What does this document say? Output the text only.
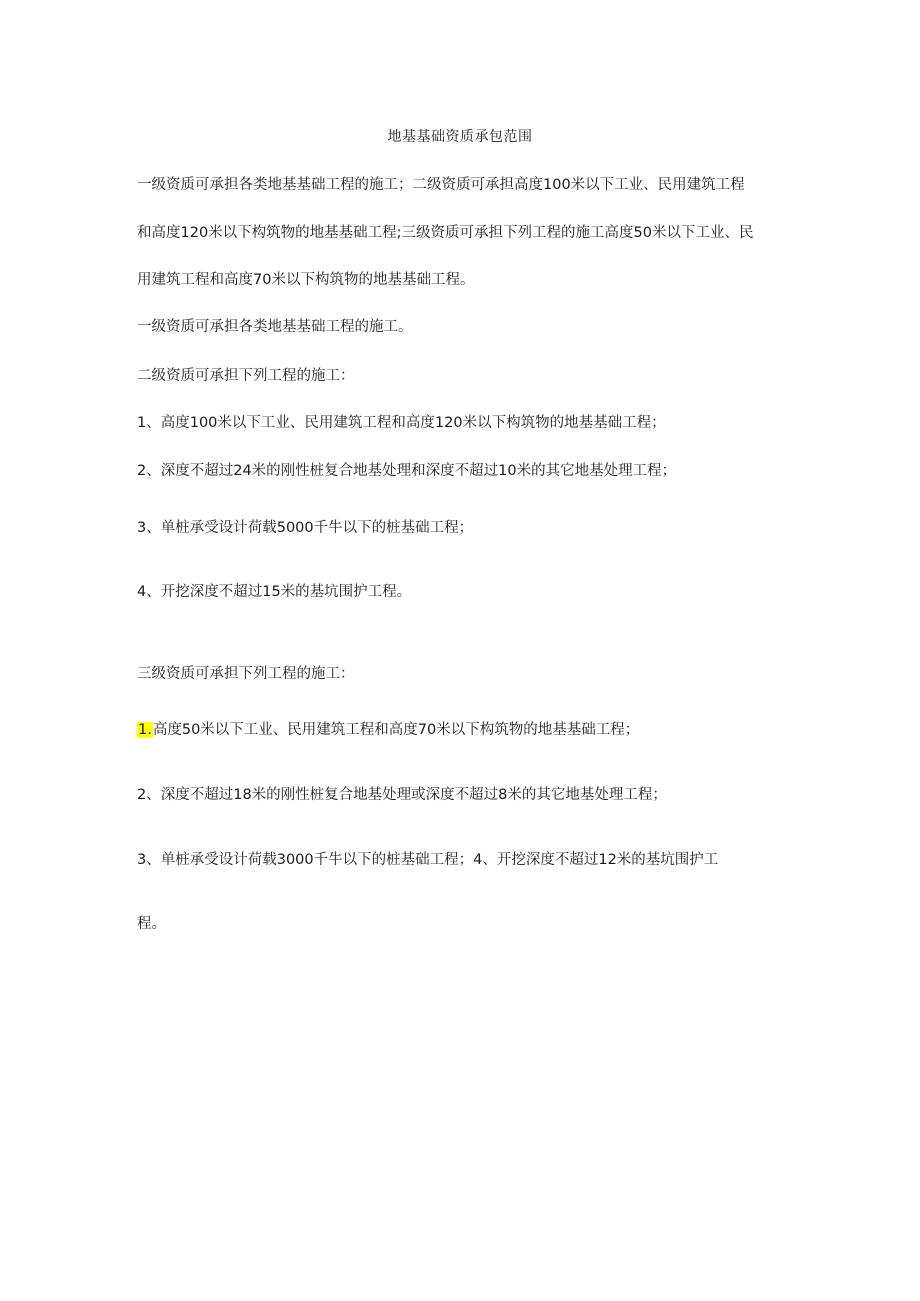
地基基础资质承包范围
一级资质可承担各类地基基础工程的施工；二级资质可承担高度100米以下工业、民用建筑工程
和高度120米以下构筑物的地基基础工程;三级资质可承担下列工程的施工高度50米以下工业、民
用建筑工程和高度70米以下构筑物的地基基础工程。
一级资质可承担各类地基基础工程的施工。
二级资质可承担下列工程的施工：
1、高度100米以下工业、民用建筑工程和高度120米以下构筑物的地基基础工程；
2、深度不超过24米的刚性桩复合地基处理和深度不超过10米的其它地基处理工程；
3、单桩承受设计荷载5000千牛以下的桩基础工程；
4、开挖深度不超过15米的基坑围护工程。
三级资质可承担下列工程的施工：
1.高度50米以下工业、民用建筑工程和高度70米以下构筑物的地基基础工程；
2、深度不超过18米的刚性桩复合地基处理或深度不超过8米的其它地基处理工程；
3、单桩承受设计荷载3000千牛以下的桩基础工程；4、开挖深度不超过12米的基坑围护工
程。
